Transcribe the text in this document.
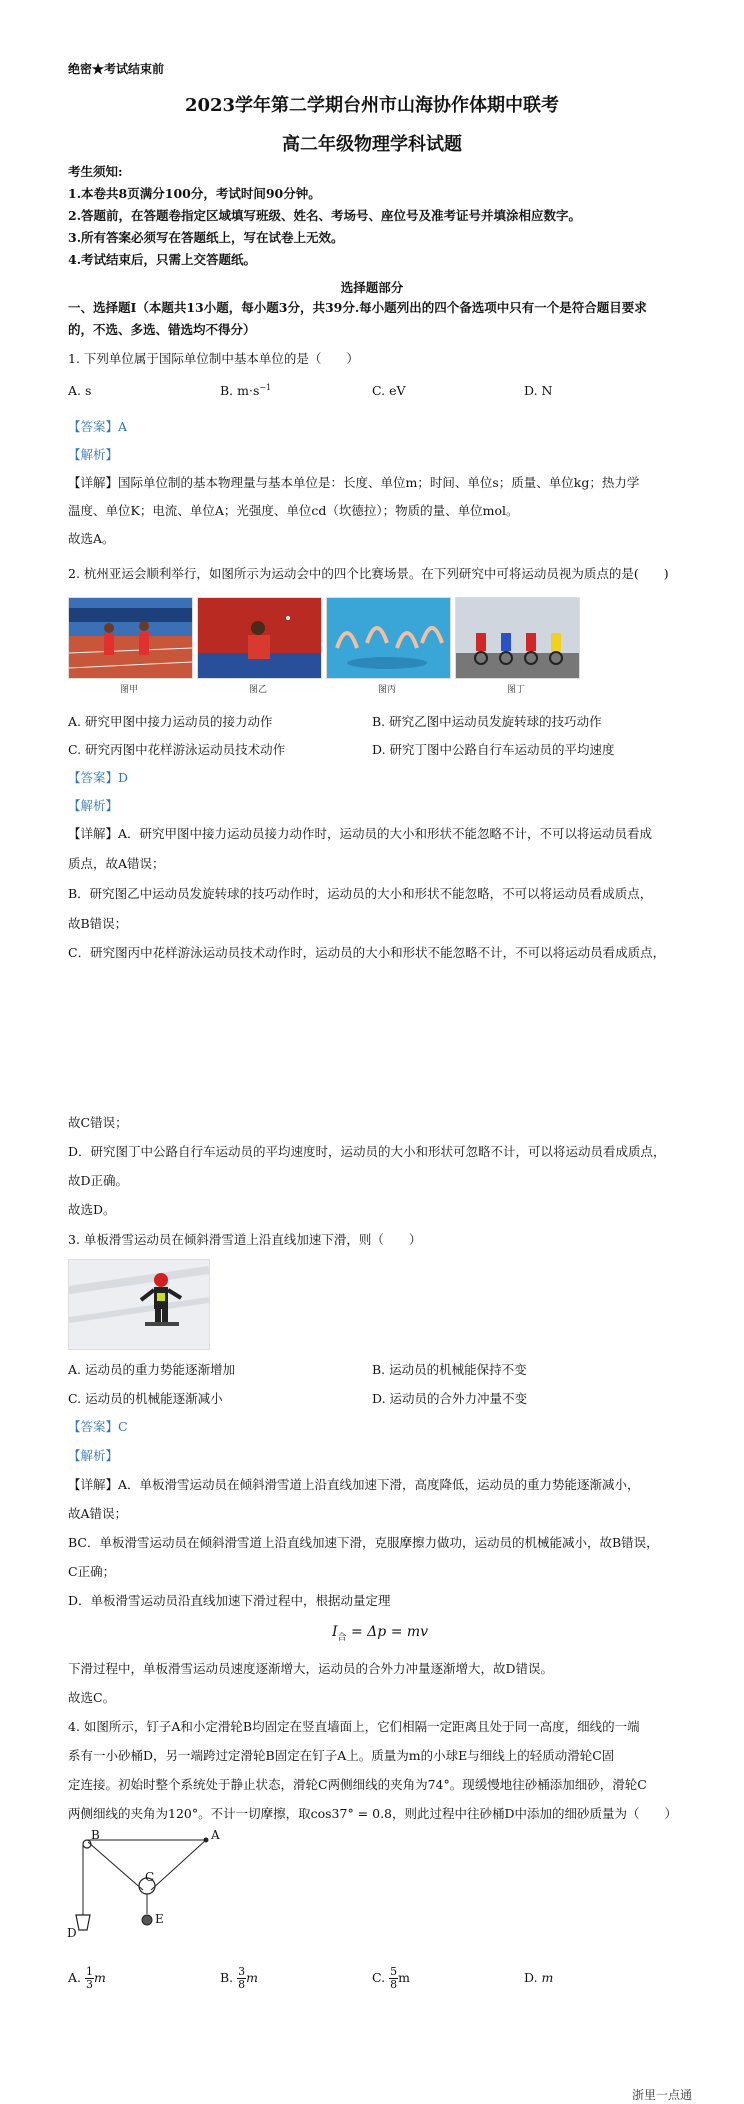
绝密★考试结束前
2023学年第二学期台州市山海协作体期中联考
高二年级物理学科试题
考生须知:
1.本卷共8页满分100分，考试时间90分钟。
2.答题前，在答题卷指定区域填写班级、姓名、考场号、座位号及准考证号并填涂相应数字。
3.所有答案必须写在答题纸上，写在试卷上无效。
4.考试结束后，只需上交答题纸。
选择题部分
一、选择题Ⅰ（本题共13小题，每小题3分，共39分.每小题列出的四个备选项中只有一个是符合题目要求
的，不选、多选、错选均不得分）
1. 下列单位属于国际单位制中基本单位的是（　　）
A. s	B. $m\cdot s^{-1}$	C. eV	D. N
【答案】A
【解析】
【详解】国际单位制的基本物理量与基本单位是：长度、单位m；时间、单位s；质量、单位kg；热力学
温度、单位K；电流、单位A；光强度、单位cd（坎德拉）；物质的量、单位mol。
故选A。
2. 杭州亚运会顺利举行，如图所示为运动会中的四个比赛场景。在下列研究中可将运动员视为质点的是(　　)
图甲	图乙	图丙	图丁
A. 研究甲图中接力运动员的接力动作	B. 研究乙图中运动员发旋转球的技巧动作
C. 研究丙图中花样游泳运动员技术动作	D. 研究丁图中公路自行车运动员的平均速度
【答案】D
【解析】
【详解】A．研究甲图中接力运动员接力动作时，运动员的大小和形状不能忽略不计，不可以将运动员看成
质点，故A错误；
B．研究图乙中运动员发旋转球的技巧动作时，运动员的大小和形状不能忽略，不可以将运动员看成质点，
故B错误；
C．研究图丙中花样游泳运动员技术动作时，运动员的大小和形状不能忽略不计，不可以将运动员看成质点，
故C错误；
D．研究图丁中公路自行车运动员的平均速度时，运动员的大小和形状可忽略不计，可以将运动员看成质点，
故D正确。
故选D。
3. 单板滑雪运动员在倾斜滑雪道上沿直线加速下滑，则（　　）
A. 运动员的重力势能逐渐增加	B. 运动员的机械能保持不变
C. 运动员的机械能逐渐减小	D. 运动员的合外力冲量不变
【答案】C
【解析】
【详解】A．单板滑雪运动员在倾斜滑雪道上沿直线加速下滑，高度降低，运动员的重力势能逐渐减小，
故A错误；
BC．单板滑雪运动员在倾斜滑雪道上沿直线加速下滑，克服摩擦力做功，运动员的机械能减小，故B错误，
C正确；
D．单板滑雪运动员沿直线加速下滑过程中，根据动量定理
$I_合 = \Delta p$ = mv
下滑过程中，单板滑雪运动员速度逐渐增大，运动员的合外力冲量逐渐增大，故D错误。
故选C。
4. 如图所示，钉子A和小定滑轮B均固定在竖直墙面上，它们相隔一定距离且处于同一高度，细线的一端
系有一小砂桶D，另一端跨过定滑轮B固定在钉子A上。质量为m的小球E与细线上的轻质动滑轮C固
定连接。初始时整个系统处于静止状态，滑轮C两侧细线的夹角为74°。现缓慢地往砂桶添加细砂，滑轮C
两侧细线的夹角为120°。不计一切摩擦，取cos37° = 0.8，则此过程中往砂桶D中添加的细砂质量为（　　）
B	A
C
D
E
A. $\frac{1}{3}$ m	B. $\frac{3}{8}$ m	C. $\frac{5}{8}$ m	D. m
浙里一点通
